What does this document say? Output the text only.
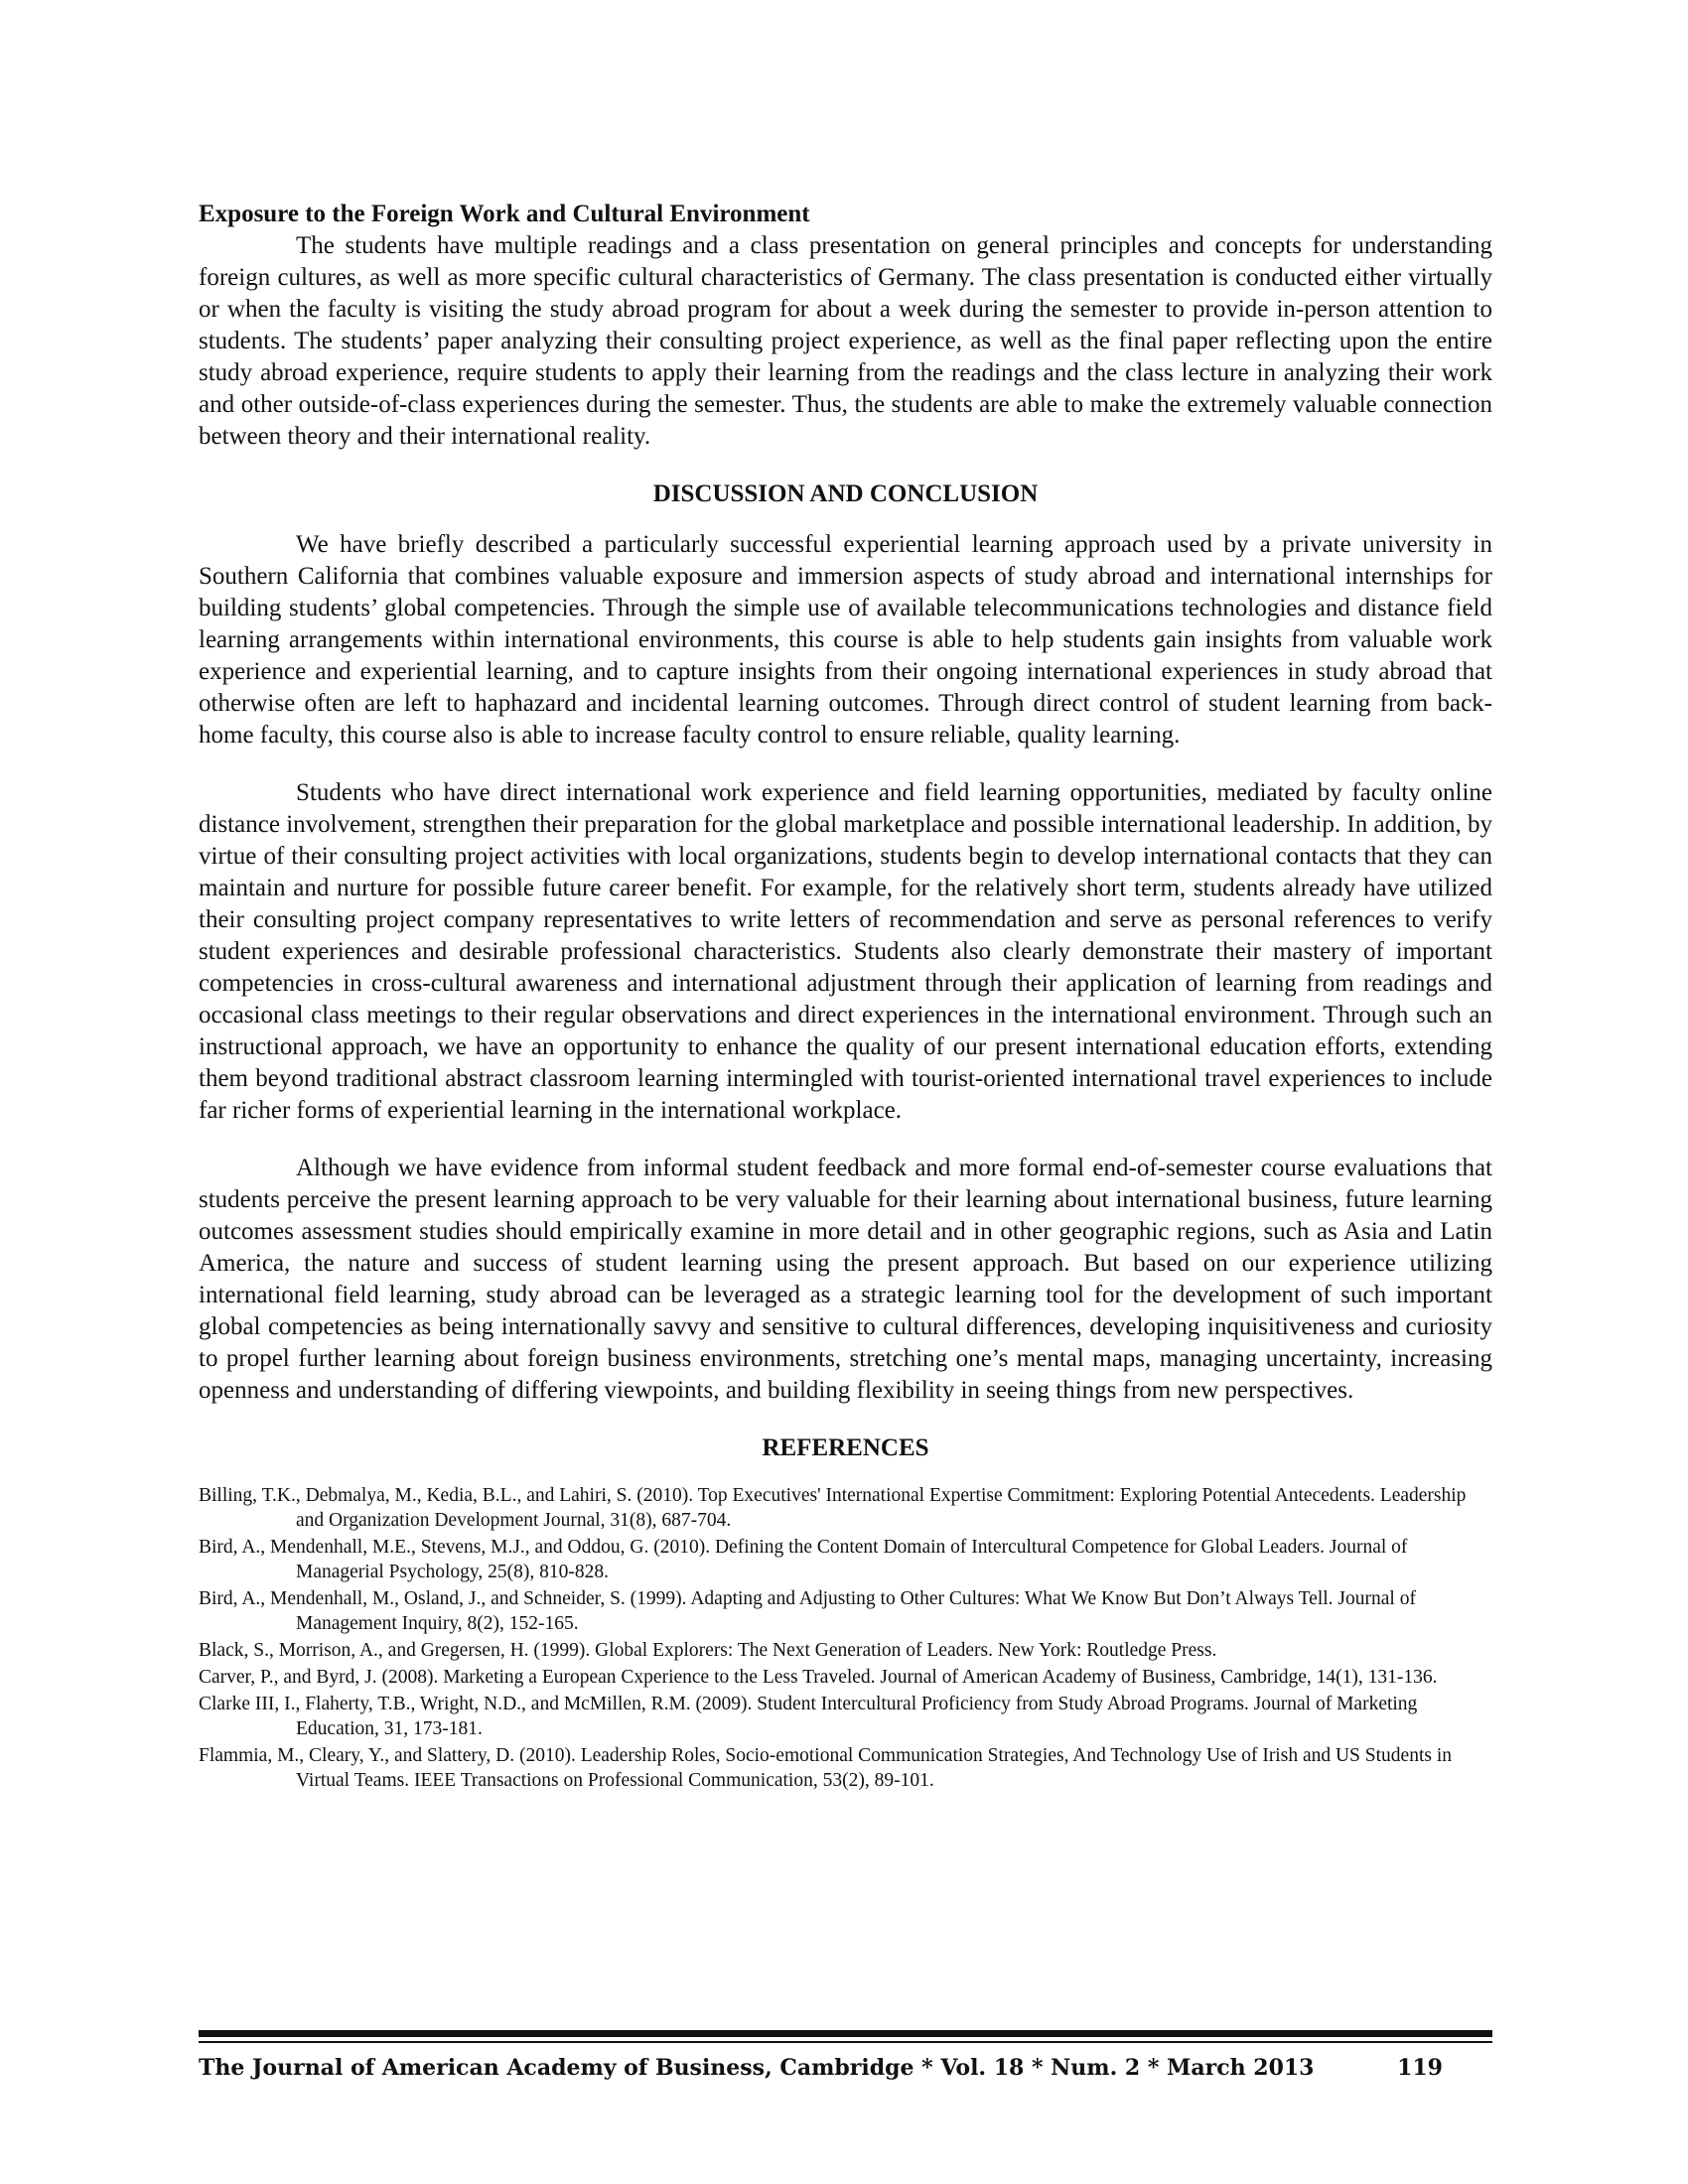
Exposure to the Foreign Work and Cultural Environment

The students have multiple readings and a class presentation on general principles and concepts for understanding foreign cultures, as well as more specific cultural characteristics of Germany. The class presentation is conducted either virtually or when the faculty is visiting the study abroad program for about a week during the semester to provide in-person attention to students. The students’ paper analyzing their consulting project experience, as well as the final paper reflecting upon the entire study abroad experience, require students to apply their learning from the readings and the class lecture in analyzing their work and other outside-of-class experiences during the semester. Thus, the students are able to make the extremely valuable connection between theory and their international reality.

DISCUSSION AND CONCLUSION

We have briefly described a particularly successful experiential learning approach used by a private university in Southern California that combines valuable exposure and immersion aspects of study abroad and international internships for building students’ global competencies. Through the simple use of available telecommunications technologies and distance field learning arrangements within international environments, this course is able to help students gain insights from valuable work experience and experiential learning, and to capture insights from their ongoing international experiences in study abroad that otherwise often are left to haphazard and incidental learning outcomes. Through direct control of student learning from back-home faculty, this course also is able to increase faculty control to ensure reliable, quality learning.

Students who have direct international work experience and field learning opportunities, mediated by faculty online distance involvement, strengthen their preparation for the global marketplace and possible international leadership. In addition, by virtue of their consulting project activities with local organizations, students begin to develop international contacts that they can maintain and nurture for possible future career benefit. For example, for the relatively short term, students already have utilized their consulting project company representatives to write letters of recommendation and serve as personal references to verify student experiences and desirable professional characteristics. Students also clearly demonstrate their mastery of important competencies in cross-cultural awareness and international adjustment through their application of learning from readings and occasional class meetings to their regular observations and direct experiences in the international environment. Through such an instructional approach, we have an opportunity to enhance the quality of our present international education efforts, extending them beyond traditional abstract classroom learning intermingled with tourist-oriented international travel experiences to include far richer forms of experiential learning in the international workplace.

Although we have evidence from informal student feedback and more formal end-of-semester course evaluations that students perceive the present learning approach to be very valuable for their learning about international business, future learning outcomes assessment studies should empirically examine in more detail and in other geographic regions, such as Asia and Latin America, the nature and success of student learning using the present approach. But based on our experience utilizing international field learning, study abroad can be leveraged as a strategic learning tool for the development of such important global competencies as being internationally savvy and sensitive to cultural differences, developing inquisitiveness and curiosity to propel further learning about foreign business environments, stretching one’s mental maps, managing uncertainty, increasing openness and understanding of differing viewpoints, and building flexibility in seeing things from new perspectives.

REFERENCES

Billing, T.K., Debmalya, M., Kedia, B.L., and Lahiri, S. (2010). Top Executives' International Expertise Commitment: Exploring Potential Antecedents. Leadership and Organization Development Journal, 31(8), 687-704.

Bird, A., Mendenhall, M.E., Stevens, M.J., and Oddou, G. (2010). Defining the Content Domain of Intercultural Competence for Global Leaders. Journal of Managerial Psychology, 25(8), 810-828.

Bird, A., Mendenhall, M., Osland, J., and Schneider, S. (1999). Adapting and Adjusting to Other Cultures: What We Know But Don’t Always Tell. Journal of Management Inquiry, 8(2), 152-165.

Black, S., Morrison, A., and Gregersen, H. (1999). Global Explorers: The Next Generation of Leaders. New York: Routledge Press.

Carver, P., and Byrd, J. (2008). Marketing a European Cxperience to the Less Traveled. Journal of American Academy of Business, Cambridge, 14(1), 131-136.

Clarke III, I., Flaherty, T.B., Wright, N.D., and McMillen, R.M. (2009). Student Intercultural Proficiency from Study Abroad Programs. Journal of Marketing Education, 31, 173-181.

Flammia, M., Cleary, Y., and Slattery, D. (2010). Leadership Roles, Socio-emotional Communication Strategies, And Technology Use of Irish and US Students in Virtual Teams. IEEE Transactions on Professional Communication, 53(2), 89-101.

The Journal of American Academy of Business, Cambridge * Vol. 18 * Num. 2 * March 2013	119
